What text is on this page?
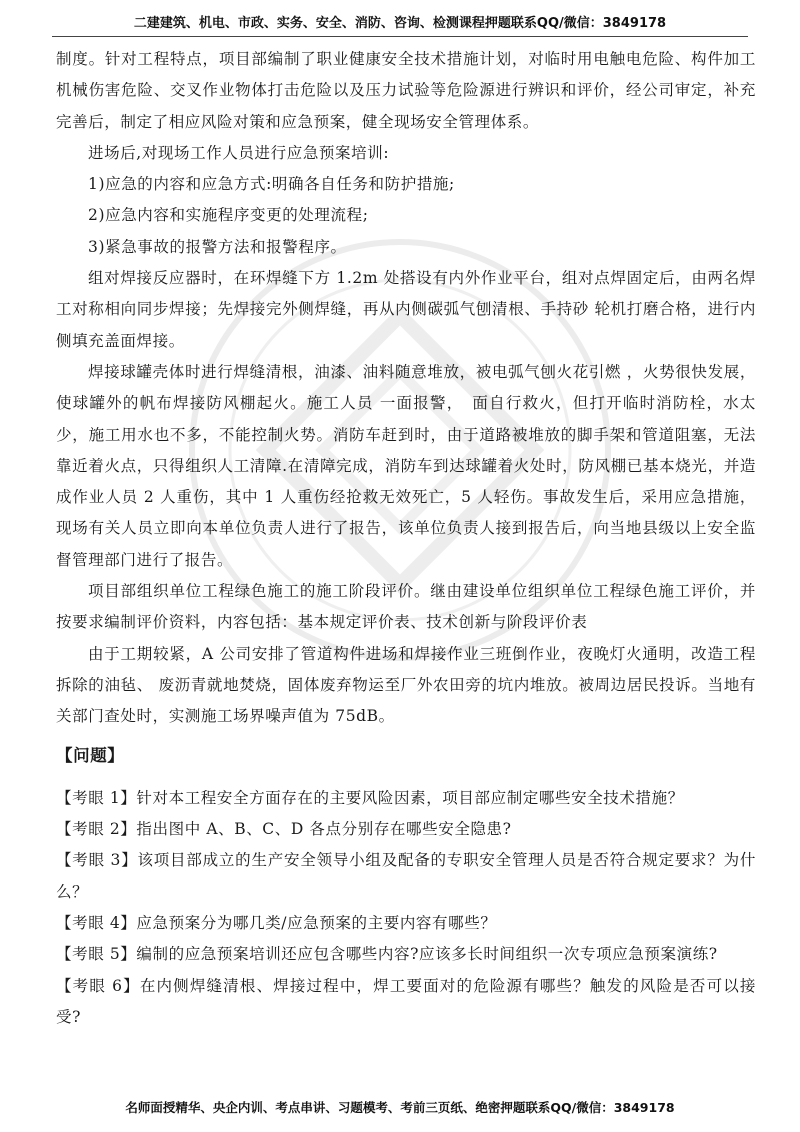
二建建筑、机电、市政、实务、安全、消防、咨询、检测课程押题联系QQ/微信：3849178

制度。针对工程特点，项目部编制了职业健康安全技术措施计划，对临时用电触电危险、构件加工机械伤害危险、交叉作业物体打击危险以及压力试验等危险源进行辨识和评价，经公司审定，补充完善后，制定了相应风险对策和应急预案，健全现场安全管理体系。

进场后,对现场工作人员进行应急预案培训:

1)应急的内容和应急方式:明确各自任务和防护措施;

2)应急内容和实施程序变更的处理流程;

3)紧急事故的报警方法和报警程序。

组对焊接反应器时，在环焊缝下方 1.2m 处搭设有内外作业平台，组对点焊固定后，由两名焊工对称相向同步焊接；先焊接完外侧焊缝，再从内侧碳弧气刨清根、手持砂 轮机打磨合格，进行内侧填充盖面焊接。

焊接球罐壳体时进行焊缝清根，油漆、油料随意堆放，被电弧气刨火花引燃 ，火势很快发展，使球罐外的帆布焊接防风棚起火。施工人员 一面报警，　面自行救火，但打开临时消防栓，水太少，施工用水也不多，不能控制火势。消防车赶到时，由于道路被堆放的脚手架和管道阻塞，无法靠近着火点，只得组织人工清障.在清障完成，消防车到达球罐着火处时，防风棚已基本烧光，并造成作业人员 2 人重伤，其中 1 人重伤经抢救无效死亡，5 人轻伤。事故发生后，采用应急措施，现场有关人员立即向本单位负责人进行了报告，该单位负责人接到报告后，向当地县级以上安全监督管理部门进行了报告。

项目部组织单位工程绿色施工的施工阶段评价。继由建设单位组织单位工程绿色施工评价，并按要求编制评价资料，内容包括：基本规定评价表、技术创新与阶段评价表

由于工期较紧，A 公司安排了管道构件进场和焊接作业三班倒作业，夜晚灯火通明，改造工程拆除的油毡、 废沥青就地焚烧，固体废弃物运至厂外农田旁的坑内堆放。被周边居民投诉。当地有关部门查处时，实测施工场界噪声值为 75dB。

【问题】

【考眼 1】针对本工程安全方面存在的主要风险因素，项目部应制定哪些安全技术措施？

【考眼 2】指出图中 A、B、C、D 各点分别存在哪些安全隐患?

【考眼 3】该项目部成立的生产安全领导小组及配备的专职安全管理人员是否符合规定要求？为什么？

【考眼 4】应急预案分为哪几类/应急预案的主要内容有哪些？

【考眼 5】编制的应急预案培训还应包含哪些内容?应该多长时间组织一次专项应急预案演练?

【考眼 6】在内侧焊缝清根、焊接过程中，焊工要面对的危险源有哪些？触发的风险是否可以接受?

名师面授精华、央企内训、考点串讲、习题模考、考前三页纸、绝密押题联系QQ/微信：3849178
